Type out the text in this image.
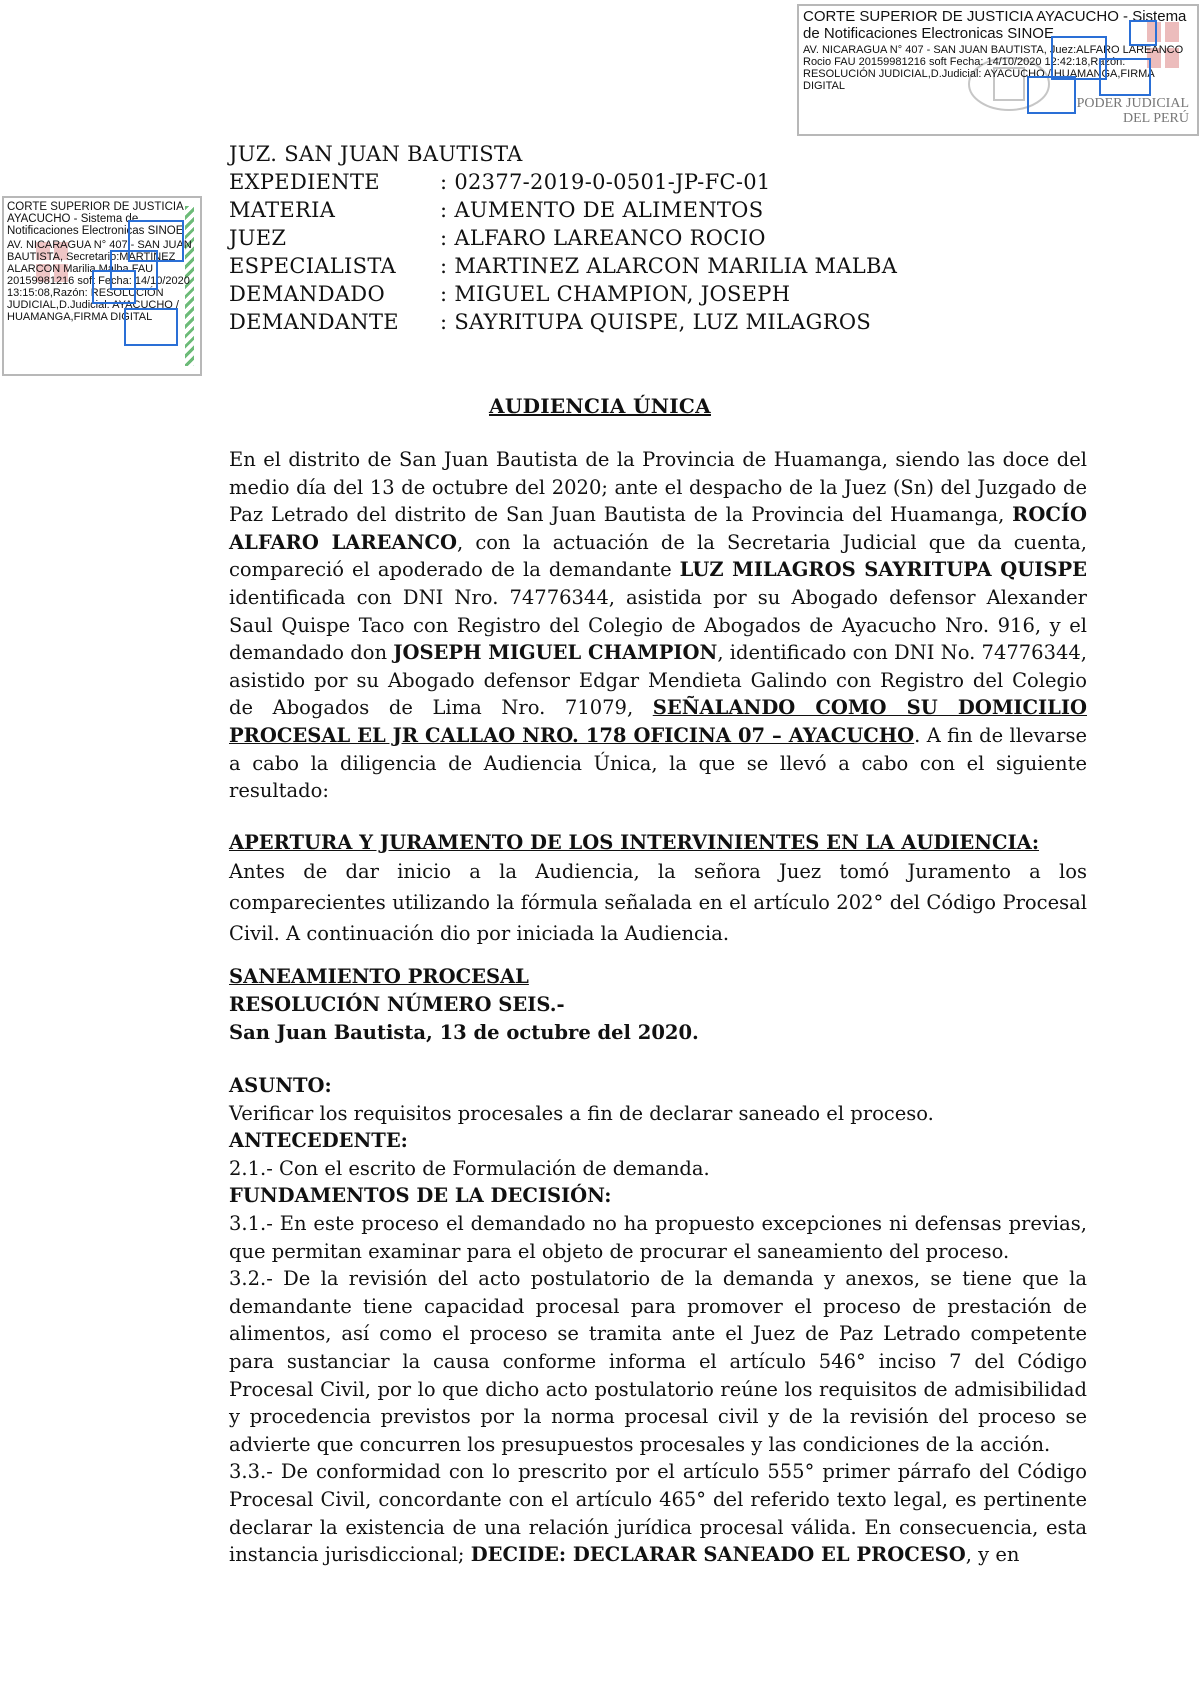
CORTE SUPERIOR DE JUSTICIA AYACUCHO - Sistema de Notificaciones Electronicas SINOE
AV. NICARAGUA N° 407 - SAN JUAN BAUTISTA, Juez:ALFARO LAREANCO Rocio FAU 20159981216 soft Fecha: 14/10/2020 12:42:18,Razón: RESOLUCIÓN JUDICIAL,D.Judicial: AYACUCHO / HUAMANGA,FIRMA DIGITAL
PODER JUDICIAL
DEL PERÚ
CORTE SUPERIOR DE JUSTICIA AYACUCHO - Sistema de Notificaciones Electronicas SINOE
AV. NICARAGUA N° 407 - SAN JUAN BAUTISTA, Secretario:MARTINEZ ALARCON Marilia Malba FAU 20159981216 soft Fecha: 14/10/2020 13:15:08,Razón: RESOLUCIÓN JUDICIAL,D.Judicial: AYACUCHO / HUAMANGA,FIRMA DIGITAL
JUZ. SAN JUAN BAUTISTA
EXPEDIENTE	: 02377-2019-0-0501-JP-FC-01
MATERIA	: AUMENTO DE ALIMENTOS
JUEZ	: ALFARO LAREANCO ROCIO
ESPECIALISTA	: MARTINEZ ALARCON MARILIA MALBA
DEMANDADO	: MIGUEL CHAMPION, JOSEPH
DEMANDANTE	: SAYRITUPA QUISPE, LUZ MILAGROS
AUDIENCIA ÚNICA

En el distrito de San Juan Bautista de la Provincia de Huamanga, siendo las doce del medio día del 13 de octubre del 2020; ante el despacho de la Juez (Sn) del Juzgado de Paz Letrado del distrito de San Juan Bautista de la Provincia del Huamanga, ROCÍO ALFARO LAREANCO, con la actuación de la Secretaria Judicial que da cuenta, compareció el apoderado de la demandante LUZ MILAGROS SAYRITUPA QUISPE identificada con DNI Nro. 74776344, asistida por su Abogado defensor Alexander Saul Quispe Taco con Registro del Colegio de Abogados de Ayacucho Nro. 916, y el demandado don JOSEPH MIGUEL CHAMPION, identificado con DNI No. 74776344, asistido por su Abogado defensor Edgar Mendieta Galindo con Registro del Colegio de Abogados de Lima Nro. 71079, SEÑALANDO COMO SU DOMICILIO PROCESAL EL JR CALLAO NRO. 178 OFICINA 07 – AYACUCHO. A fin de llevarse a cabo la diligencia de Audiencia Única, la que se llevó a cabo con el siguiente resultado:

APERTURA Y JURAMENTO DE LOS INTERVINIENTES EN LA AUDIENCIA:

Antes de dar inicio a la Audiencia, la señora Juez tomó Juramento a los comparecientes utilizando la fórmula señalada en el artículo 202° del Código Procesal Civil. A continuación dio por iniciada la Audiencia.

SANEAMIENTO PROCESAL

RESOLUCIÓN NÚMERO SEIS.-

San Juan Bautista, 13 de octubre del 2020.

ASUNTO:

Verificar los requisitos procesales a fin de declarar saneado el proceso.

ANTECEDENTE:

2.1.- Con el escrito de Formulación de demanda.

FUNDAMENTOS DE LA DECISIÓN:

3.1.- En este proceso el demandado no ha propuesto excepciones ni defensas previas, que permitan examinar para el objeto de procurar el saneamiento del proceso.

3.2.- De la revisión del acto postulatorio de la demanda y anexos, se tiene que la demandante tiene capacidad procesal para promover el proceso de prestación de alimentos, así como el proceso se tramita ante el Juez de Paz Letrado competente para sustanciar la causa conforme informa el artículo 546° inciso 7 del Código Procesal Civil, por lo que dicho acto postulatorio reúne los requisitos de admisibilidad y procedencia previstos por la norma procesal civil y de la revisión del proceso se advierte que concurren los presupuestos procesales y las condiciones de la acción.

3.3.- De conformidad con lo prescrito por el artículo 555° primer párrafo del Código Procesal Civil, concordante con el artículo 465° del referido texto legal, es pertinente declarar la existencia de una relación jurídica procesal válida. En consecuencia, esta instancia jurisdiccional; DECIDE: DECLARAR SANEADO EL PROCESO, y en
